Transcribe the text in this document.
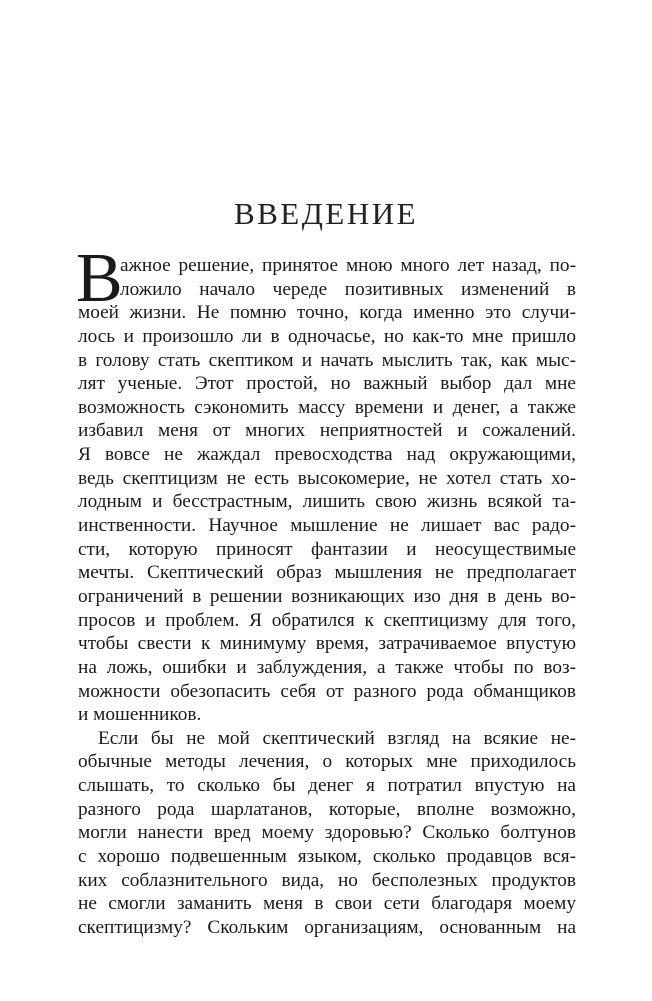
ВВЕДЕНИЕ
В
ажное решение, принятое мною много лет назад, по-
ложило начало череде позитивных изменений в
моей жизни. Не помню точно, когда именно это случи-
лось и произошло ли в одночасье, но как-то мне пришло
в голову стать скептиком и начать мыслить так, как мыс-
лят ученые. Этот простой, но важный выбор дал мне
возможность сэкономить массу времени и денег, а также
избавил меня от многих неприятностей и сожалений.
Я вовсе не жаждал превосходства над окружающими,
ведь скептицизм не есть высокомерие, не хотел стать хо-
лодным и бесстрастным, лишить свою жизнь всякой та-
инственности. Научное мышление не лишает вас радо-
сти, которую приносят фантазии и неосуществимые
мечты. Скептический образ мышления не предполагает
ограничений в решении возникающих изо дня в день во-
просов и проблем. Я обратился к скептицизму для того,
чтобы свести к минимуму время, затрачиваемое впустую
на ложь, ошибки и заблуждения, а также чтобы по воз-
можности обезопасить себя от разного рода обманщиков
и мошенников.
Если бы не мой скептический взгляд на всякие не-
обычные методы лечения, о которых мне приходилось
слышать, то сколько бы денег я потратил впустую на
разного рода шарлатанов, которые, вполне возможно,
могли нанести вред моему здоровью? Сколько болтунов
с хорошо подвешенным языком, сколько продавцов вся-
ких соблазнительного вида, но бесполезных продуктов
не смогли заманить меня в свои сети благодаря моему
скептицизму? Скольким организациям, основанным на
